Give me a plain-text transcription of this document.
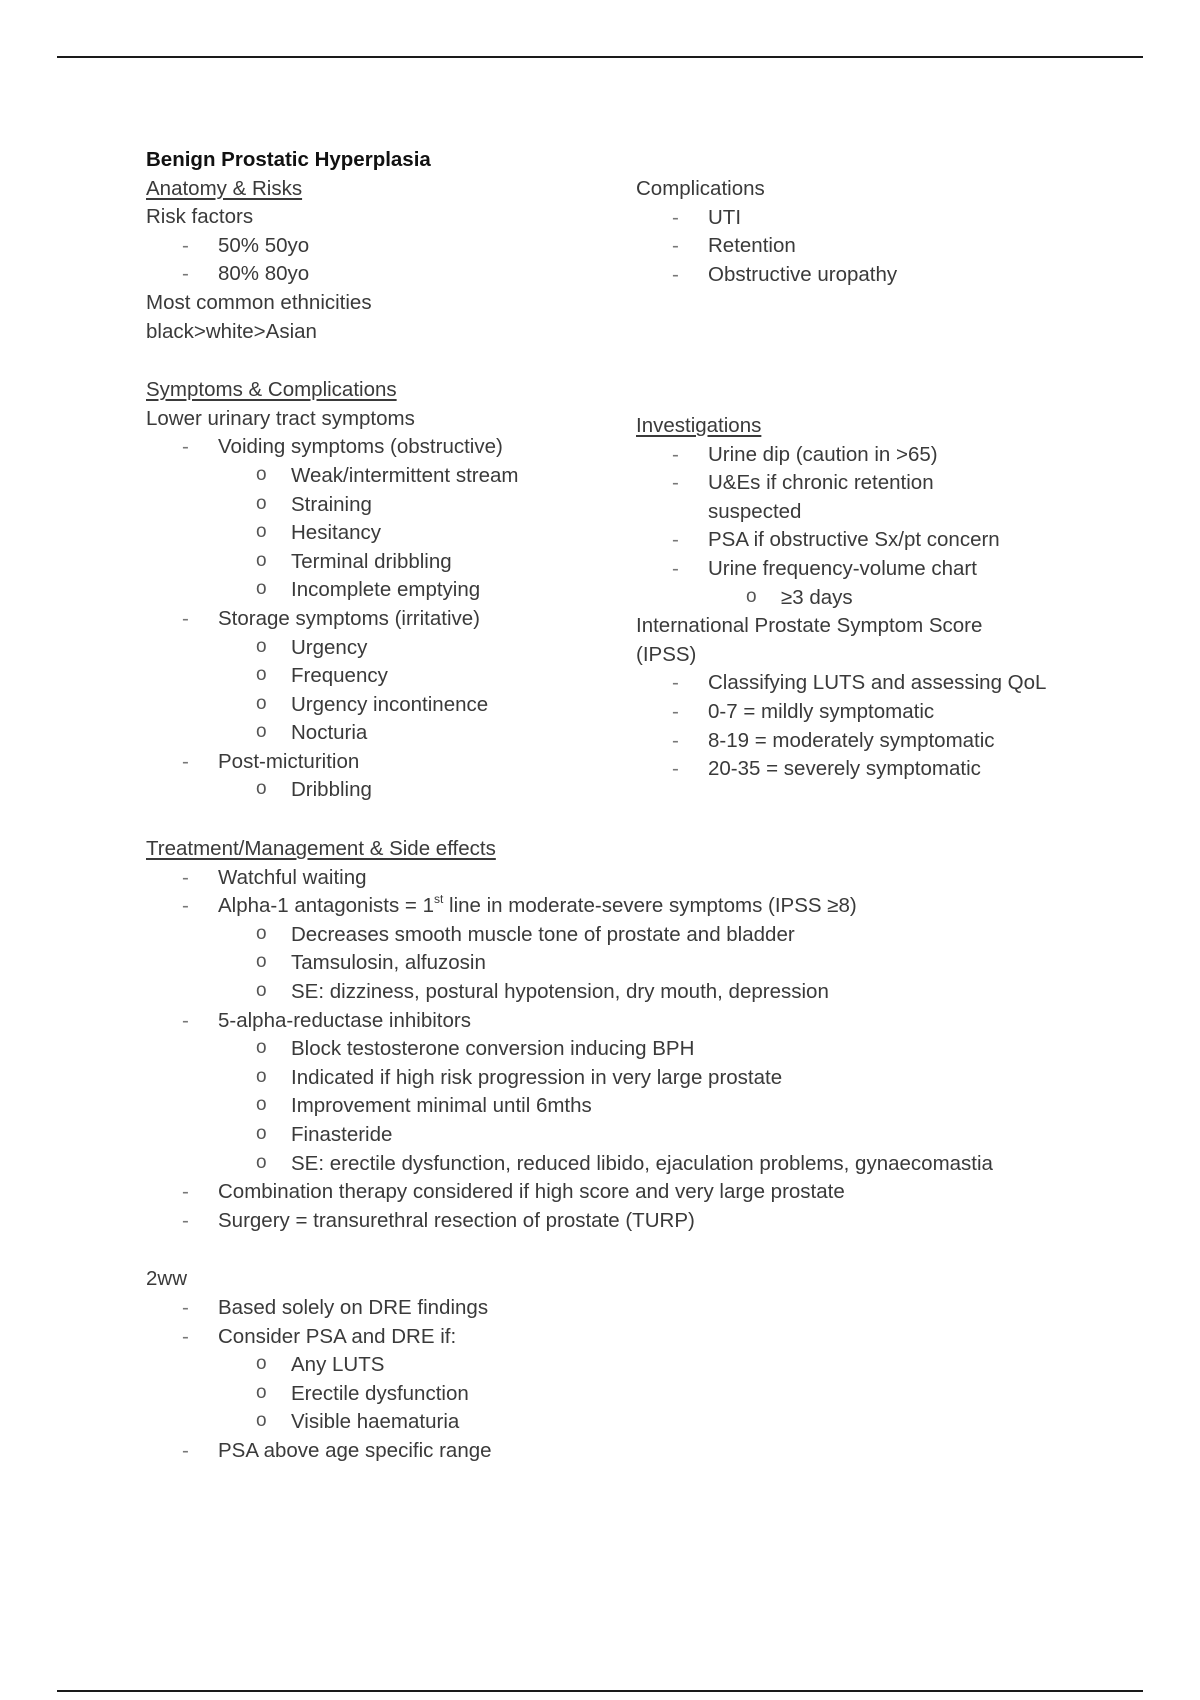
Benign Prostatic Hyperplasia
Anatomy & Risks
Risk factors
- 50% 50yo
- 80% 80yo
Most common ethnicities
black>white>Asian
Symptoms & Complications
Lower urinary tract symptoms
- Voiding symptoms (obstructive)
o Weak/intermittent stream
o Straining
o Hesitancy
o Terminal dribbling
o Incomplete emptying
- Storage symptoms (irritative)
o Urgency
o Frequency
o Urgency incontinence
o Nocturia
- Post-micturition
o Dribbling
Treatment/Management & Side effects
- Watchful waiting
- Alpha-1 antagonists = 1st line in moderate-severe symptoms (IPSS ≥8)
o Decreases smooth muscle tone of prostate and bladder
o Tamsulosin, alfuzosin
o SE: dizziness, postural hypotension, dry mouth, depression
- 5-alpha-reductase inhibitors
o Block testosterone conversion inducing BPH
o Indicated if high risk progression in very large prostate
o Improvement minimal until 6mths
o Finasteride
o SE: erectile dysfunction, reduced libido, ejaculation problems, gynaecomastia
- Combination therapy considered if high score and very large prostate
- Surgery = transurethral resection of prostate (TURP)
2ww
- Based solely on DRE findings
- Consider PSA and DRE if:
o Any LUTS
o Erectile dysfunction
o Visible haematuria
- PSA above age specific range
Complications
- UTI
- Retention
- Obstructive uropathy
Investigations
- Urine dip (caution in >65)
- U&Es if chronic retention suspected
- PSA if obstructive Sx/pt concern
- Urine frequency-volume chart
o ≥3 days
International Prostate Symptom Score (IPSS)
- Classifying LUTS and assessing QoL
- 0-7 = mildly symptomatic
- 8-19 = moderately symptomatic
- 20-35 = severely symptomatic
